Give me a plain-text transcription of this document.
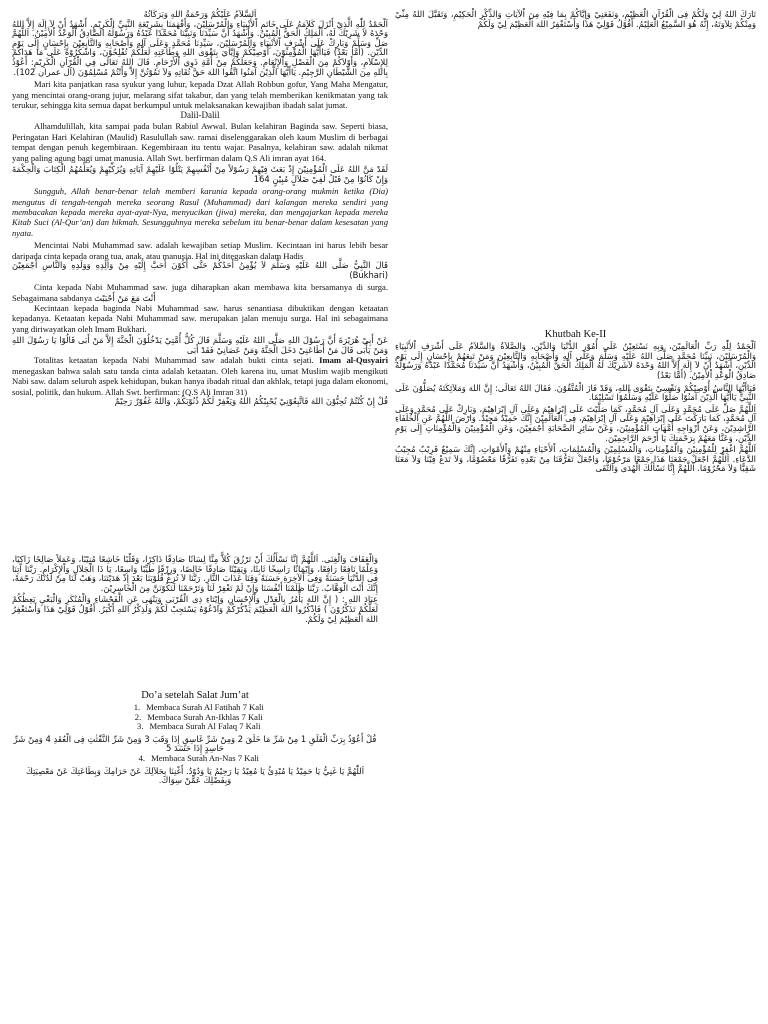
اَلسَّلاَمُ عَلَيْكُمْ وَرَحْمَةُ اللهِ وَبَرَكَاتُهُ

اَلْحَمْدُ لِلّٰهِ الَّذِيْ أَنْزَلَ كَلاَمَهُ عَلَى خَاتَمِ اْلأَنْبِيَاءِ وَالْمُرْسَلِيْنَ، وَأَفْهَمَنَا بِشَرِيْعَةِ النَّبِيِّ الْكَرِيْمِ. أَشْهَدُ أَنْ لاَ إِلَهَ إِلاَّ اللهُ وَحْدَهُ لاَ شَرِيْكَ لَهُ، اَلْمَلِكُ الْحَقُّ الْمُبِيْنُ. وَأَشْهَدُ أَنَّ سَيِّدَنَا وَنَبِيَّنَا مُحَمَّدًا عَبْدُهُ وَرَسُوْلُهُ الصَّادِقُ الْوَعْدُ اْلأَمِيْنُ. اَللَّهُمَّ صَلِّ وَسَلِّمْ وَبَارِكْ عَلَى أَشْرَفِ اْلأَنْبِيَاءِ وَالْمُرْسَلِيْنَ، سَيِّدِنَا مُحَمَّدٍ وَعَلَى آلِهِ وَأَصْحَابِهِ وَالتَّابِعِيْنَ بِإِحْسَانٍ إِلَى يَوْمِ الدِّيْنِ. (أَمَّا بَعْدُ) فَيَاأَيُّهَا الْمُؤْمِنُوْنَ، أُوْصِيْكُمْ وَإِيَّايَ بِتَقْوَى اللهِ وَطَاعَتِهِ لَعَلَّكُمْ تُفْلِحُوْنَ، وَاشْكُرُوْهُ عَلَى مَا هَدَاكُمْ لِلإِسْلاَمِ، وَأَوْلاَكُمْ مِنَ الْفَضْلِ وَاْلإِنْعَامِ. وَجَعَلَكُمْ مِنْ أُمَّةِ ذَوِي اْلأَرْحَامِ. قَالَ اللهُ تَعَالَى فِي الْقُرْآنِ الْكَرِيْمِ: أَعُوْذُ بِاللهِ مِنَ الشَّيْطَانِ الرَّجِيْمِ. يَاأَيُّهَا الَّذِيْنَ آمَنُوا اتَّقُوا اللهَ حَقَّ تُقَاتِهِ وَلاَ تَمُوْتُنَّ إِلاَّ وَأَنْتُمْ مُسْلِمُوْنَ (آل عمران 102).

Mari kita panjatkan rasa syukur yang luhur, kepada Dzat Allah Robbun gofur, Yang Maha Mengatur, yang mencintai orang-orang jujur, melarang sifat takabur, dan yang telah memberikan kenikmatan yang tak terukur, sehingga kita semua dapat berkumpul untuk melaksanakan kewajiban ibadah salat jumat.

Dalil-Dalil

Alhamdulillah, kita sampai pada bulan Rabiul Awwal. Bulan kelahiran Baginda saw. Seperti biasa, Peringatan Hari Kelahiran (Maulid) Rasulullah saw. ramai diselenggarakan oleh kaum Muslim di berbagai tempat dengan penuh kegembiraan. Kegembiraan itu tentu wajar. Pasalnya, kelahiran saw. adalah nikmat yang paling agung bagi umat manusia. Allah Swt. berfirman dalam Q.S Ali imran ayat 164.

لَقَدْ مَنَّ اللهُ عَلَى الْمُؤْمِنِيْنَ إِذْ بَعَثَ فِيْهِمْ رَسُوْلاً مِنْ أَنْفُسِهِمْ يَتْلُوْا عَلَيْهِمْ آيَاتِهِ وَيُزَكِّيْهِمْ وَيُعَلِّمُهُمُ الْكِتَابَ وَالْحِكْمَةَ وَإِنْ كَانُوْا مِنْ قَبْلُ لَفِيْ ضَلاَلٍ مُبِيْنٍ 164

Sungguh, Allah benar-benar telah memberi karunia kepada orang-orang mukmin ketika (Dia) mengutus di tengah-tengah mereka seorang Rasul (Muhammad) dari kalangan mereka sendiri yang membacakan kepada mereka ayat-ayat-Nya, menyucikan (jiwa) mereka, dan mengajarkan kepada mereka Kitab Suci (Al-Qur’an) dan hikmah. Sesungguhnya mereka sebelum itu benar-benar dalam kesesatan yang nyata.

Mencintai Nabi Muhammad saw. adalah kewajiban setiap Muslim. Kecintaan ini harus lebih besar daripada cinta kepada orang tua, anak, atau manusia. Hal ini ditegaskan dalam Hadis

قَالَ النَّبِيُّ صَلَّى اللهُ عَلَيْهِ وَسَلَّمَ لاَ يُؤْمِنُ أَحَدُكُمْ حَتَّى أَكُوْنَ أَحَبَّ إِلَيْهِ مِنْ وَالِدِهِ وَوَلَدِهِ وَالنَّاسِ أَجْمَعِيْنَ (Bukhari)

Cinta kepada Nabi Muhammad saw. juga diharapkan akan membawa kita bersamanya di surga. Sebagaimana sabdanya أَنْتَ مَعَ مَنْ أَحْبَبْتَ

Kecintaan kepada baginda Nabi Muhammad saw. harus senantiasa dibuktikan dengan ketaatan kepadanya. Ketaatan kepada Nabi Muhammad saw. merupakan jalan menuju surga. Hal ini sebagaimana yang diriwayatkan oleh Imam Bukhari.

عَنْ أَبِيْ هُرَيْرَةَ أَنَّ رَسُوْلَ اللهِ صَلَّى اللهُ عَلَيْهِ وَسَلَّمَ قَالَ كُلُّ أُمَّتِيْ يَدْخُلُوْنَ الْجَنَّةَ إِلاَّ مَنْ أَبَى قَالُوْا يَا رَسُوْلَ اللهِ وَمَنْ يَأْبَى قَالَ مَنْ أَطَاعَنِيْ دَخَلَ الْجَنَّةَ وَمَنْ عَصَانِيْ فَقَدْ أَبَى

Totalitas ketaatan kepada Nabi Muhammad saw adalah bukti cinta sejati. Imam al-Qusyairi menegaskan bahwa salah satu tanda cinta adalah ketaatan. Oleh karena itu, umat Muslim wajib mengikuti Nabi saw. dalam seluruh aspek kehidupan, bukan hanya ibadah ritual dan akhlak, tetapi juga dalam ekonomi, sosial, politik, dan hukum. Allah Swt. berfirman: (Q.S Ali Imran 31)

قُلْ إِنْ كُنْتُمْ تُحِبُّوْنَ اللهَ فَاتَّبِعُوْنِيْ يُحْبِبْكُمُ اللهُ وَيَغْفِرْ لَكُمْ ذُنُوْبَكُمْ، وَاللهُ غَفُوْرٌ رَحِيْمٌ

تَارَكَ اللهُ لِيْ وَلَكُمْ فِى الْقُرْآنِ الْعَظِيْمِ، وَنَفَعَنِيْ وَإِيَّاكُمْ بِمَا فِيْهِ مِنَ اْلآيَاتِ وَالذِّكْرِ الْحَكِيْمِ، وَتَقَبَّلَ اللهُ مِنِّيْ وَمِنْكُمْ تِلاَوَتَهُ، إِنَّهُ هُوَ السَّمِيْعُ الْعَلِيْمُ. أَقُوْلُ قَوْلِيْ هَذَا وَأَسْتَغْفِرُ اللهَ الْعَظِيْمَ لِيْ وَلَكُمْ

Khutbah Ke-II

اَلْحَمْدُ لِلّٰهِ رَبِّ الْعَالَمِيْنَ، وَبِهِ نَسْتَعِيْنُ عَلَى أُمُوْرِ الدُّنْيَا وَالدِّيْنِ، وَالصَّلاَةُ وَالسَّلاَمُ عَلَى أَشْرَفِ اْلأَنْبِيَاءِ وَالْمُرْسَلِيْنَ، نَبِيِّنَا مُحَمَّدٍ صَلَّى اللهُ عَلَيْهِ وَسَلَّمَ وَعَلَى آلِهِ وَأَصْحَابِهِ وَالتَّابِعِيْنَ وَمَنْ تَبِعَهُمْ بِإِحْسَانٍ إِلَى يَوْمِ الدِّيْنِ، أَشْهَدُ أَنْ لاَ إِلَهَ إِلاَّ اللهُ وَحْدَهُ لاَشَرِيْكَ لَهُ الْمَلِكُ الْحَقُّ الْمُبِيْنُ، وَأَشْهَدُ أَنَّ سَيِّدَنَا مُحَمَّدًا عَبْدُهُ وَرَسُوْلُهُ صَادِقُ الْوَعْدِ اْلأَمِيْنُ. (أَمَّا بَعْدُ)

فَيَاأَيُّهَا النَّاسُ أُوْصِيْكُمْ وَنَفْسِيْ بِتَقْوَى اللهِ، وَقَدْ فَازَ الْمُتَّقُوْنَ. فَقَالَ اللهُ تَعَالَى: إِنَّ اللهَ وَمَلاَئِكَتَهُ يُصَلُّوْنَ عَلَى النَّبِيِّ يَاأَيُّهَا الَّذِيْنَ آمَنُوْا صَلُّوْا عَلَيْهِ وَسَلِّمُوْا تَسْلِيْمًا.

اَللَّهُمَّ صَلِّ عَلَى مُحَمَّدٍ وَعَلَى آلِ مُحَمَّدٍ، كَمَا صَلَّيْتَ عَلَى إِبْرَاهِيْمَ وَعَلَى آلِ إِبْرَاهِيْمَ، وَبَارِكْ عَلَى مُحَمَّدٍ وَعَلَى آلِ مُحَمَّدٍ، كَمَا بَارَكْتَ عَلَى إِبْرَاهِيْمَ وَعَلَى آلِ إِبْرَاهِيْمَ، فِى الْعَالَمِيْنَ إِنَّكَ حَمِيْدٌ مَجِيْدٌ. وَارْضَ اللَّهُمَّ عَنِ الْخُلَفَاءِ الرَّاشِدِيْنَ، وَعَنْ أَزْوَاجِهِ أُمَّهَاتِ الْمُؤْمِنِيْنَ، وَعَنْ سَائِرِ الصَّحَابَةِ أَجْمَعِيْنَ، وَعَنِ الْمُؤْمِنِيْنَ وَالْمُؤْمِنَاتِ إِلَى يَوْمِ الدِّيْنِ، وَعَنَّا مَعَهُمْ بِرَحْمَتِكَ يَا أَرْحَمَ الرَّاحِمِيْنَ.

اَللَّهُمَّ اغْفِرْ لِلْمُؤْمِنِيْنَ وَالْمُؤْمِنَاتِ، وَالْمُسْلِمِيْنَ وَالْمُسْلِمَاتِ، اْلأَحْيَاءِ مِنْهُمْ وَاْلأَمْوَاتِ، إِنَّكَ سَمِيْعٌ قَرِيْبٌ مُجِيْبُ الدَّعَاءِ. اَللَّهُمَّ اجْعَلْ جَمْعَنَا هَذَا جَمْعًا مَرْحُوْمًا، وَاجْعَلْ تَفَرُّقَنَا مِنْ بَعْدِهِ تَفَرُّقًا مَعْصُوْمًا، وَلاَ تَدَعْ فِيْنَا وَلاَ مَعَنَا شَقِيًّا وَلاَ مَحْرُوْمًا. اَللَّهُمَّ إِنَّا نَسْأَلُكَ الْهُدَى وَالتُّقَى

وَالْعَفَافَ وَالْغِنَى. اَللَّهُمَّ إِنَّا نَسْأَلُكَ أَنْ تَرْزُقَ كُلاًّ مِنَّا لِسَانًا صَادِقًا ذَاكِرًا، وَقَلْبًا خَاشِعًا مُنِيْبًا، وَعَمَلاً صَالِحًا زَاكِيًا، وَعِلْمًا نَافِعًا رَافِعًا، وَإِيْمَانًا رَاسِخًا ثَابِتًا، وَيَقِيْنًا صَادِقًا خَالِصًا، وَرِزْقًا طَيِّبًا وَاسِعًا، يَا ذَا الْجَلاَلِ وَاْلإِكْرَامِ. رَبَّنَا آتِنَا فِى الدُّنْيَا حَسَنَةً وَفِى اْلآخِرَةِ حَسَنَةً وَقِنَا عَذَابَ النَّارِ. رَبَّنَا لاَ تُزِغْ قُلُوْبَنَا بَعْدَ إِذْ هَدَيْتَنَا، وَهَبْ لَنَا مِنْ لَدُنْكَ رَحْمَةً، إِنَّكَ أَنْتَ الْوَهَّابُ. رَبَّنَا ظَلَمْنَا أَنْفُسَنَا وَإِنْ لَمْ تَغْفِرْ لَنَا وَتَرْحَمْنَا لَنَكُوْنَنَّ مِنَ الْخَاسِرِيْنَ.

عِبَادَ اللهِ : ( إِنَّ اللهَ يَأْمُرُ بِالْعَدْلِ وَاْلإِحْسَانِ وَإِيْتَاءِ ذِى الْقُرْبَى وَيَنْهَى عَنِ الْفَحْشَاءِ وَالْمُنْكَرِ وَالْبَغْيِ يَعِظُكُمْ لَعَلَّكُمْ تَذَكَّرُوْنَ ) فَاذْكُرُوا اللهَ الْعَظِيْمَ يَذْكُرْكُمْ وَادْعُوْهُ يَسْتَجِبْ لَكُمْ وَلَذِكْرُ اللهِ أَكْبَرُ. أَقُوْلُ قَوْلِيْ هَذَا وَأَسْتَغْفِرُ اللهَ الْعَظِيْمَ لِيْ وَلَكُمْ.

Do’a setelah Salat Jum’at

1. Membaca Surah Al Fatihah 7 Kali
2. Membaca Surah An-Ikhlas 7 Kali
3. Membaca Surah Al Falaq 7 Kali

قُلْ أَعُوْذُ بِرَبِّ الْفَلَقِ 1 مِنْ شَرِّ مَا خَلَقَ 2 وَمِنْ شَرِّ غَاسِقٍ إِذَا وَقَبَ 3 وَمِنْ شَرِّ النَّفّٰثٰتِ فِى الْعُقَدِ 4 وَمِنْ شَرِّ حَاسِدٍ إِذَا حَسَدَ 5

4. Membaca Surah An-Nas 7 Kali

اَللّٰهُمَّ يَا غَنِيُّ يَا حَمِيْدُ يَا مُبْدِئُ يَا مُعِيْدُ يَا رَحِيْمُ يَا وَدُوْدُ. أَغْنِنَا بِحَلاَلِكَ عَنْ حَرَامِكَ وَبِطَاعَتِكَ عَنْ مَعْصِيَتِكَ وَبِفَضْلِكَ عَمَّنْ سِوَاكَ.
